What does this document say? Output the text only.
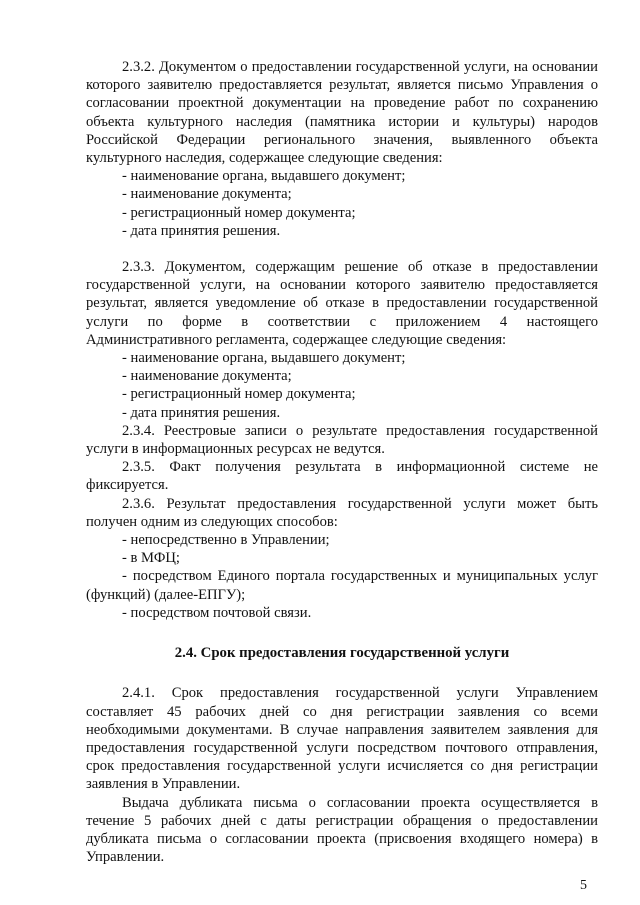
2.3.2. Документом о предоставлении государственной услуги, на основании которого заявителю предоставляется результат, является письмо Управления о согласовании проектной документации на проведение работ по сохранению объекта культурного наследия (памятника истории и культуры) народов Российской Федерации регионального значения, выявленного объекта культурного наследия, содержащее следующие сведения:

- наименование органа, выдавшего документ;

- наименование документа;

- регистрационный номер документа;

- дата принятия решения.

2.3.3. Документом, содержащим решение об отказе в предоставлении государственной услуги, на основании которого заявителю предоставляется результат, является уведомление об отказе в предоставлении государственной услуги по форме в соответствии с приложением 4 настоящего Административного регламента, содержащее следующие сведения:

- наименование органа, выдавшего документ;

- наименование документа;

- регистрационный номер документа;

- дата принятия решения.

2.3.4. Реестровые записи о результате предоставления государственной услуги в информационных ресурсах не ведутся.

2.3.5. Факт получения результата в информационной системе не фиксируется.

2.3.6. Результат предоставления государственной услуги может быть получен одним из следующих способов:

- непосредственно в Управлении;

- в МФЦ;

- посредством Единого портала государственных и муниципальных услуг (функций) (далее-ЕПГУ);

- посредством почтовой связи.

2.4. Срок предоставления государственной услуги

2.4.1. Срок предоставления государственной услуги Управлением составляет 45 рабочих дней со дня регистрации заявления со всеми необходимыми документами. В случае направления заявителем заявления для предоставления государственной услуги посредством почтового отправления, срок предоставления государственной услуги исчисляется со дня регистрации заявления в Управлении.

Выдача дубликата письма о согласовании проекта осуществляется в течение 5 рабочих дней с даты регистрации обращения о предоставлении дубликата письма о согласовании проекта (присвоения входящего номера) в Управлении.

5
